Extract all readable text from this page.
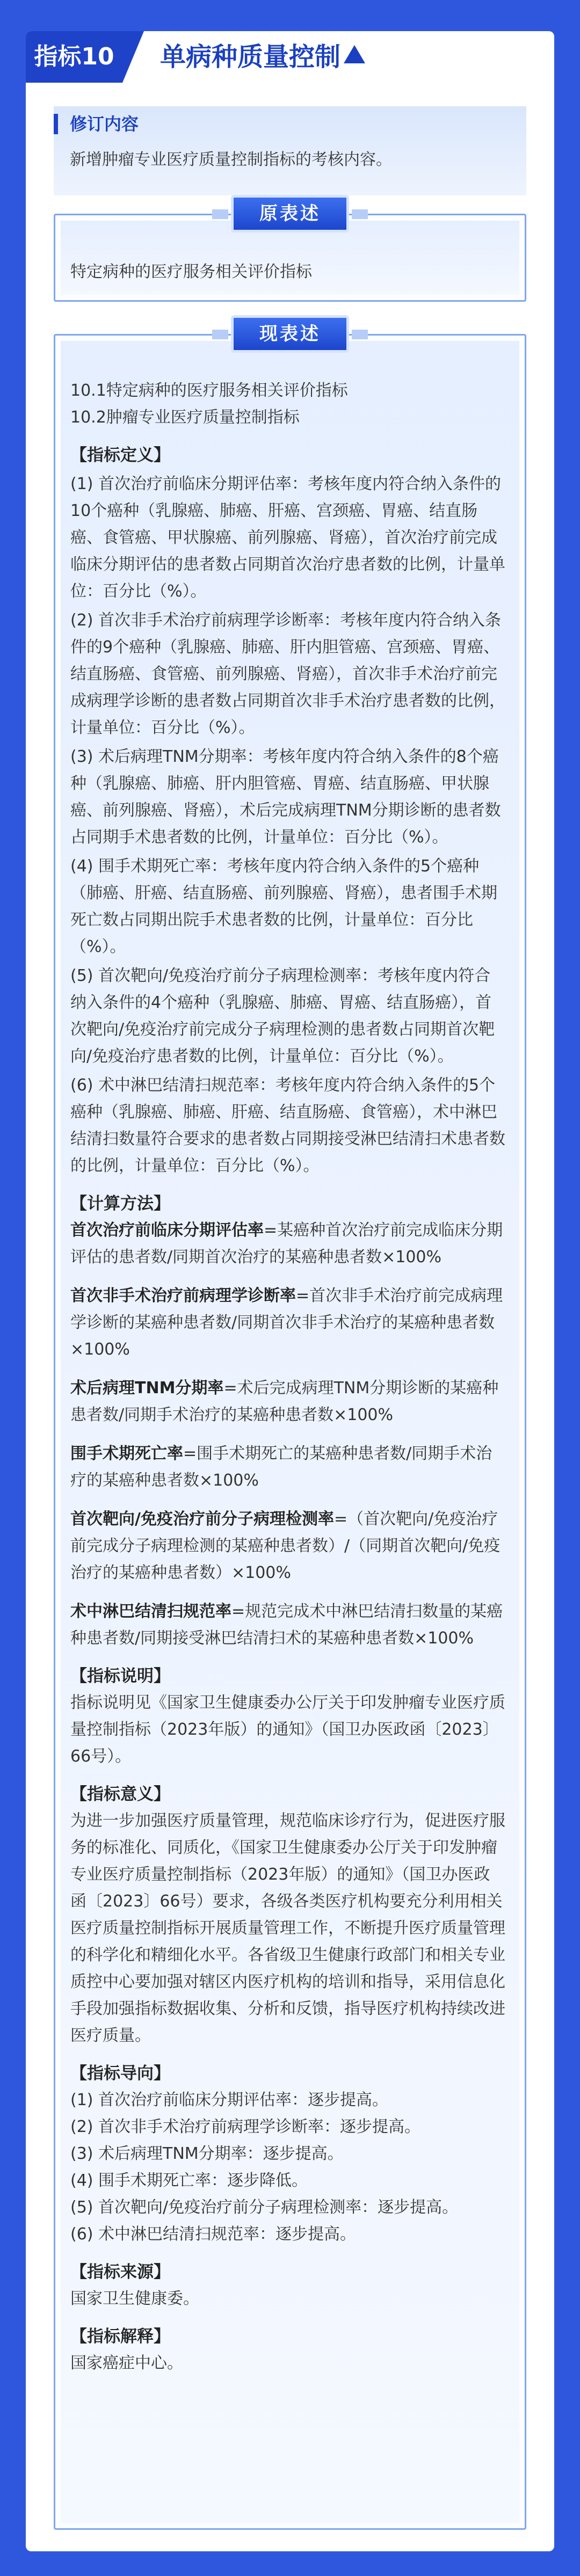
指标10	单病种质量控制
修订内容
新增肿瘤专业医疗质量控制指标的考核内容。
原表述
特定病种的医疗服务相关评价指标
现表述

10.1特定病种的医疗服务相关评价指标

10.2肿瘤专业医疗质量控制指标

【指标定义】

(1) 首次治疗前临床分期评估率：考核年度内符合纳入条件的10个癌种（乳腺癌、肺癌、肝癌、宫颈癌、胃癌、结直肠癌、食管癌、甲状腺癌、前列腺癌、肾癌），首次治疗前完成临床分期评估的患者数占同期首次治疗患者数的比例，计量单位：百分比（%）。

(2) 首次非手术治疗前病理学诊断率：考核年度内符合纳入条件的9个癌种（乳腺癌、肺癌、肝内胆管癌、宫颈癌、胃癌、结直肠癌、食管癌、前列腺癌、肾癌），首次非手术治疗前完成病理学诊断的患者数占同期首次非手术治疗患者数的比例，计量单位：百分比（%）。

(3) 术后病理TNM分期率：考核年度内符合纳入条件的8个癌种（乳腺癌、肺癌、肝内胆管癌、胃癌、结直肠癌、甲状腺癌、前列腺癌、肾癌），术后完成病理TNM分期诊断的患者数占同期手术患者数的比例，计量单位：百分比（%）。

(4) 围手术期死亡率：考核年度内符合纳入条件的5个癌种（肺癌、肝癌、结直肠癌、前列腺癌、肾癌），患者围手术期死亡数占同期出院手术患者数的比例，计量单位：百分比（%）。

(5) 首次靶向/免疫治疗前分子病理检测率：考核年度内符合纳入条件的4个癌种（乳腺癌、肺癌、胃癌、结直肠癌），首次靶向/免疫治疗前完成分子病理检测的患者数占同期首次靶向/免疫治疗患者数的比例，计量单位：百分比（%）。

(6) 术中淋巴结清扫规范率：考核年度内符合纳入条件的5个癌种（乳腺癌、肺癌、肝癌、结直肠癌、食管癌），术中淋巴结清扫数量符合要求的患者数占同期接受淋巴结清扫术患者数的比例，计量单位：百分比（%）。

【计算方法】

首次治疗前临床分期评估率=某癌种首次治疗前完成临床分期评估的患者数/同期首次治疗的某癌种患者数×100%

首次非手术治疗前病理学诊断率=首次非手术治疗前完成病理学诊断的某癌种患者数/同期首次非手术治疗的某癌种患者数×100%

术后病理TNM分期率=术后完成病理TNM分期诊断的某癌种患者数/同期手术治疗的某癌种患者数×100%

围手术期死亡率=围手术期死亡的某癌种患者数/同期手术治疗的某癌种患者数×100%

首次靶向/免疫治疗前分子病理检测率=（首次靶向/免疫治疗前完成分子病理检测的某癌种患者数）/（同期首次靶向/免疫治疗的某癌种患者数）×100%

术中淋巴结清扫规范率=规范完成术中淋巴结清扫数量的某癌种患者数/同期接受淋巴结清扫术的某癌种患者数×100%

【指标说明】

指标说明见《国家卫生健康委办公厅关于印发肿瘤专业医疗质量控制指标（2023年版）的通知》（国卫办医政函〔2023〕66号）。

【指标意义】

为进一步加强医疗质量管理，规范临床诊疗行为，促进医疗服务的标准化、同质化，《国家卫生健康委办公厅关于印发肿瘤专业医疗质量控制指标（2023年版）的通知》（国卫办医政函〔2023〕66号）要求，各级各类医疗机构要充分利用相关医疗质量控制指标开展质量管理工作，不断提升医疗质量管理的科学化和精细化水平。各省级卫生健康行政部门和相关专业质控中心要加强对辖区内医疗机构的培训和指导，采用信息化手段加强指标数据收集、分析和反馈，指导医疗机构持续改进医疗质量。

【指标导向】

(1) 首次治疗前临床分期评估率：逐步提高。

(2) 首次非手术治疗前病理学诊断率：逐步提高。

(3) 术后病理TNM分期率：逐步提高。

(4) 围手术期死亡率：逐步降低。

(5) 首次靶向/免疫治疗前分子病理检测率：逐步提高。

(6) 术中淋巴结清扫规范率：逐步提高。

【指标来源】

国家卫生健康委。

【指标解释】

国家癌症中心。
